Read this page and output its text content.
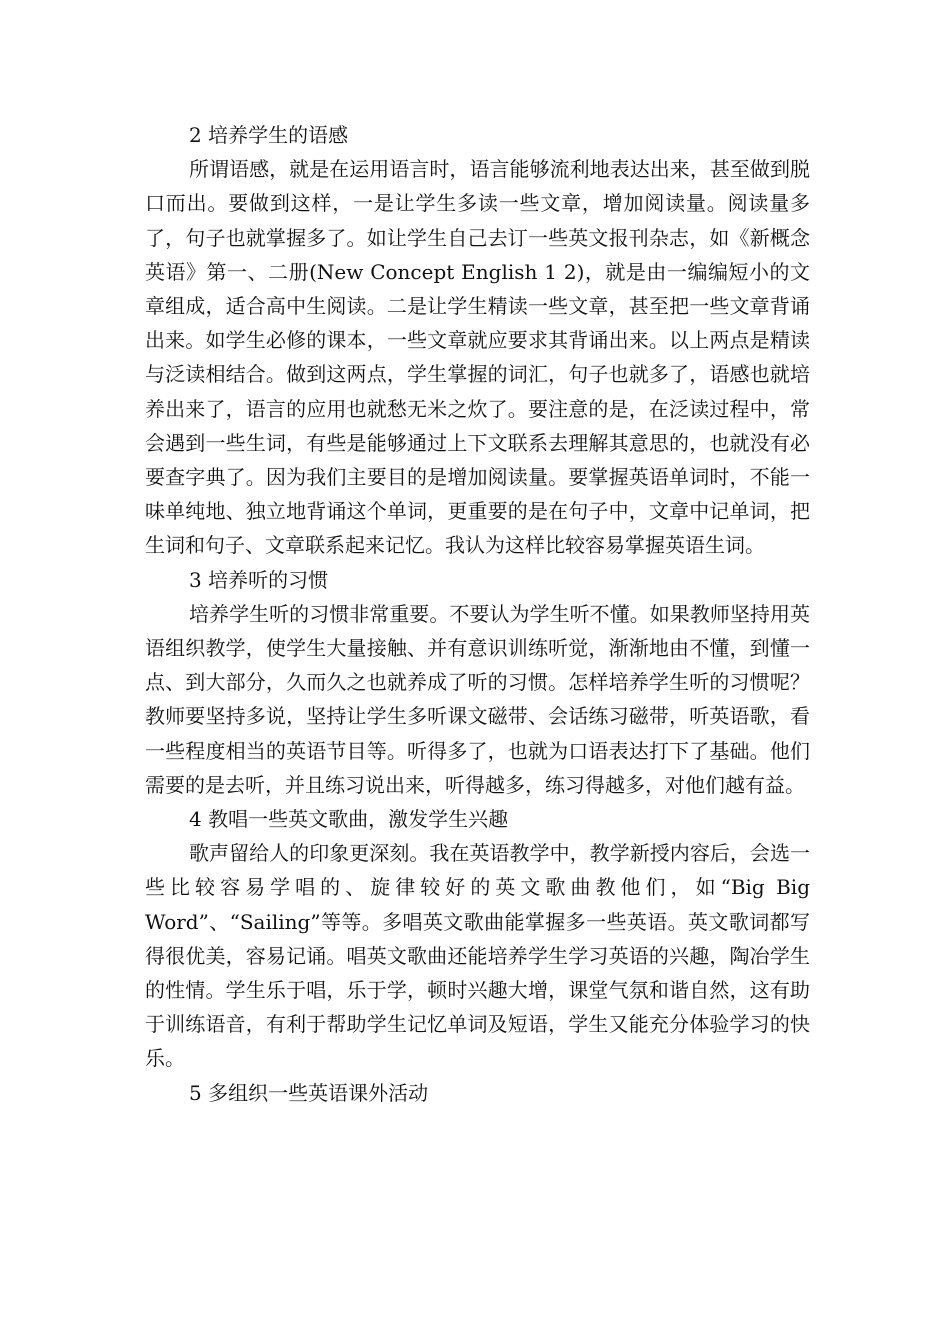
2 培养学生的语感

所谓语感，就是在运用语言时，语言能够流利地表达出来，甚至做到脱口而出。要做到这样，一是让学生多读一些文章，增加阅读量。阅读量多了，句子也就掌握多了。如让学生自己去订一些英文报刊杂志，如《新概念英语》第一、二册(New Concept English 1 2)，就是由一编编短小的文章组成，适合高中生阅读。二是让学生精读一些文章，甚至把一些文章背诵出来。如学生必修的课本，一些文章就应要求其背诵出来。以上两点是精读与泛读相结合。做到这两点，学生掌握的词汇，句子也就多了，语感也就培养出来了，语言的应用也就愁无米之炊了。要注意的是，在泛读过程中，常会遇到一些生词，有些是能够通过上下文联系去理解其意思的，也就没有必要查字典了。因为我们主要目的是增加阅读量。要掌握英语单词时，不能一味单纯地、独立地背诵这个单词，更重要的是在句子中，文章中记单词，把生词和句子、文章联系起来记忆。我认为这样比较容易掌握英语生词。

3 培养听的习惯

培养学生听的习惯非常重要。不要认为学生听不懂。如果教师坚持用英语组织教学，使学生大量接触、并有意识训练听觉，渐渐地由不懂，到懂一点、到大部分，久而久之也就养成了听的习惯。怎样培养学生听的习惯呢？教师要坚持多说，坚持让学生多听课文磁带、会话练习磁带，听英语歌，看一些程度相当的英语节目等。听得多了，也就为口语表达打下了基础。他们需要的是去听，并且练习说出来，听得越多，练习得越多，对他们越有益。

4 教唱一些英文歌曲，激发学生兴趣

歌声留给人的印象更深刻。我在英语教学中，教学新授内容后，会选一些比较容易学唱的、旋律较好的英文歌曲教他们，如“Big Big Word”、“Sailing”等等。多唱英文歌曲能掌握多一些英语。英文歌词都写得很优美，容易记诵。唱英文歌曲还能培养学生学习英语的兴趣，陶冶学生的性情。学生乐于唱，乐于学，顿时兴趣大增，课堂气氛和谐自然，这有助于训练语音，有利于帮助学生记忆单词及短语，学生又能充分体验学习的快乐。

5 多组织一些英语课外活动
